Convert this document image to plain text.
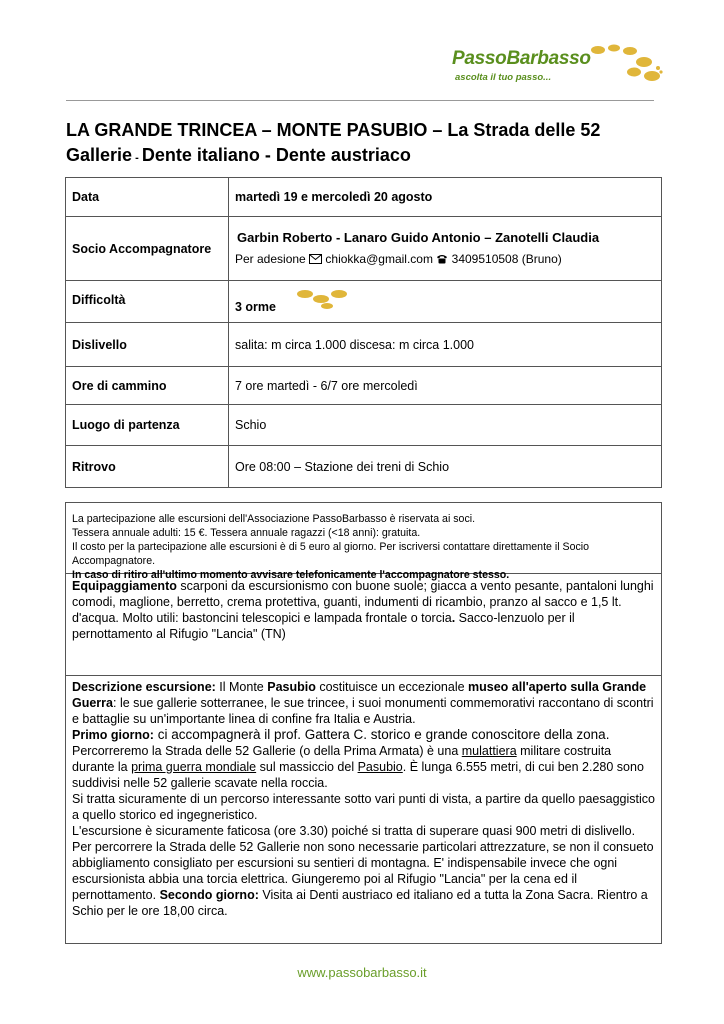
PassoBarbasso
ascolta il tuo passo...
LA GRANDE TRINCEA – MONTE PASUBIO – La Strada delle 52 Gallerie - Dente italiano - Dente austriaco
Data	martedì 19 e mercoledì 20 agosto
Socio Accompagnatore	Garbin Roberto - Lanaro Guido Antonio – Zanotelli Claudia
Per adesione chiokka@gmail.com 3409510508 (Bruno)

Difficoltà	3 orme
Dislivello	salita: m circa 1.000 discesa: m circa 1.000
Ore di cammino	7 ore martedì - 6/7 ore mercoledì
Luogo di partenza	Schio
Ritrovo	Ore 08:00 – Stazione dei treni di Schio
La partecipazione alle escursioni dell'Associazione PassoBarbasso è riservata ai soci.
Tessera annuale adulti: 15 €. Tessera annuale ragazzi (<18 anni): gratuita.
Il costo per la partecipazione alle escursioni è di 5 euro al giorno. Per iscriversi contattare direttamente il Socio Accompagnatore.
In caso di ritiro all'ultimo momento avvisare telefonicamente l'accompagnatore stesso.
Equipaggiamento scarponi da escursionismo con buone suole; giacca a vento pesante, pantaloni lunghi comodi, maglione, berretto, crema protettiva, guanti, indumenti di ricambio, pranzo al sacco e 1,5 lt. d'acqua. Molto utili: bastoncini telescopici e lampada frontale o torcia. Sacco-lenzuolo per il pernottamento al Rifugio "Lancia" (TN)
Descrizione escursione: Il Monte Pasubio costituisce un eccezionale museo all'aperto sulla Grande Guerra: le sue gallerie sotterranee, le sue trincee, i suoi monumenti commemorativi raccontano di scontri e battaglie su un'importante linea di confine fra Italia e Austria.
Primo giorno: ci accompagnerà il prof. Gattera C. storico e grande conoscitore della zona.
Percorreremo la Strada delle 52 Gallerie (o della Prima Armata) è una mulattiera militare costruita durante la prima guerra mondiale sul massiccio del Pasubio. È lunga 6.555 metri, di cui ben 2.280 sono suddivisi nelle 52 gallerie scavate nella roccia.
Si tratta sicuramente di un percorso interessante sotto vari punti di vista, a partire da quello paesaggistico a quello storico ed ingegneristico.
L'escursione è sicuramente faticosa (ore 3.30) poiché si tratta di superare quasi 900 metri di dislivello.
Per percorrere la Strada delle 52 Gallerie non sono necessarie particolari attrezzature, se non il consueto abbigliamento consigliato per escursioni su sentieri di montagna. E' indispensabile invece che ogni escursionista abbia una torcia elettrica. Giungeremo poi al Rifugio "Lancia" per la cena ed il pernottamento. Secondo giorno: Visita ai Denti austriaco ed italiano ed a tutta la Zona Sacra. Rientro a Schio per le ore 18,00 circa.
www.passobarbasso.it
